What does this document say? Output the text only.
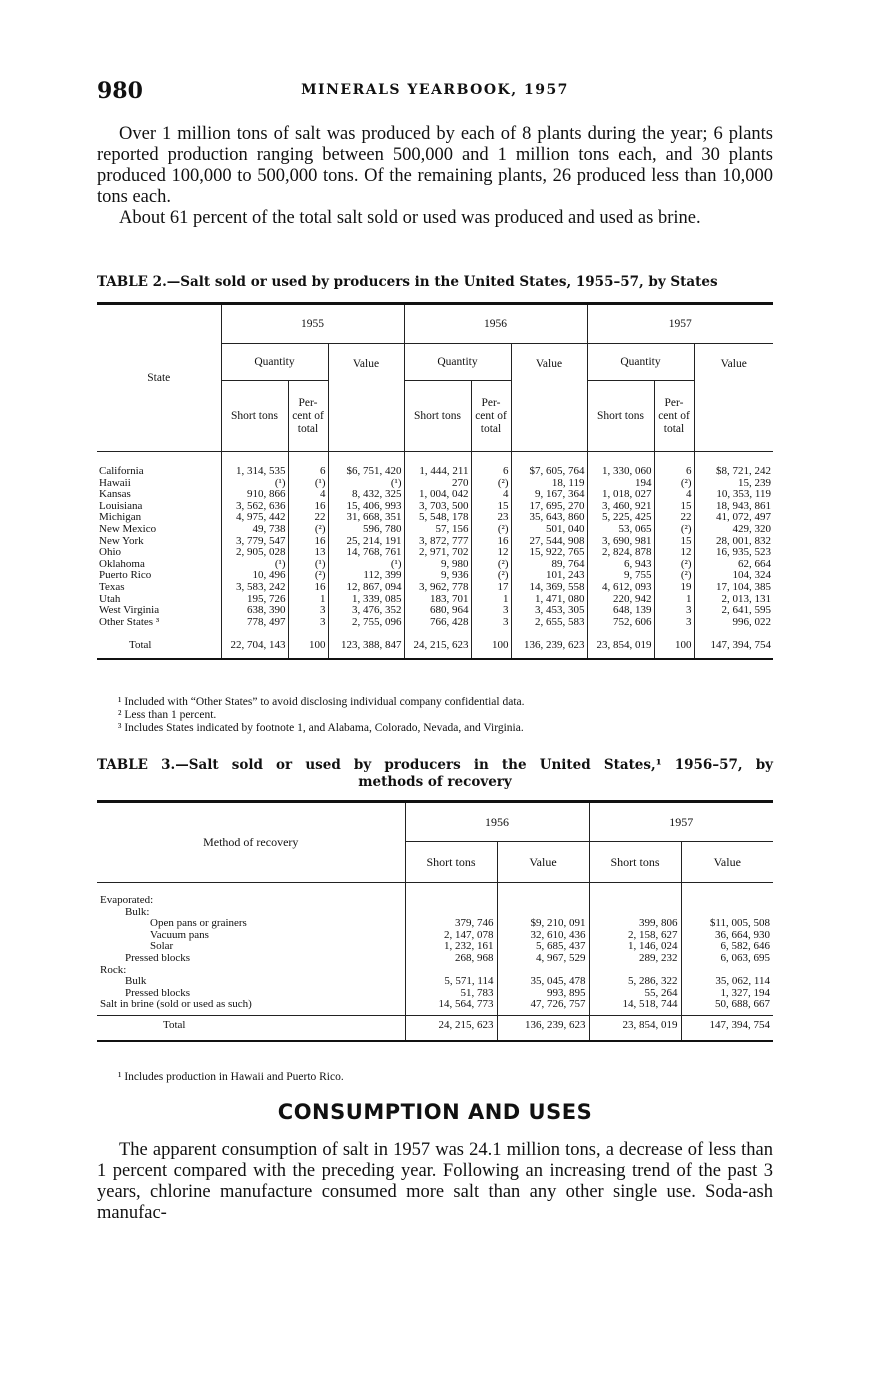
980	MINERALS YEARBOOK, 1957
Over 1 million tons of salt was produced by each of 8 plants during the year; 6 plants reported production ranging between 500,000 and 1 million tons each, and 30 plants produced 100,000 to 500,000 tons. Of the remaining plants, 26 produced less than 10,000 tons each.
About 61 percent of the total salt sold or used was produced and used as brine.
TABLE 2.—Salt sold or used by producers in the United States, 1955–57, by States
State	1955			1956			1957		
	Quantity		Value	Quantity		Value	Quantity		Value
	Short tons	Per- cent of total		Short tons	Per- cent of total		Short tons	Per- cent of total	

California	1, 314, 535	6	$6, 751, 420	1, 444, 211	6	$7, 605, 764	1, 330, 060	6	$8, 721, 242
Hawaii	(¹)	(¹)	(¹)	270	(²)	18, 119	194	(²)	15, 239
Kansas	910, 866	4	8, 432, 325	1, 004, 042	4	9, 167, 364	1, 018, 027	4	10, 353, 119
Louisiana	3, 562, 636	16	15, 406, 993	3, 703, 500	15	17, 695, 270	3, 460, 921	15	18, 943, 861
Michigan	4, 975, 442	22	31, 668, 351	5, 548, 178	23	35, 643, 860	5, 225, 425	22	41, 072, 497
New Mexico	49, 738	(²)	596, 780	57, 156	(²)	501, 040	53, 065	(²)	429, 320
New York	3, 779, 547	16	25, 214, 191	3, 872, 777	16	27, 544, 908	3, 690, 981	15	28, 001, 832
Ohio	2, 905, 028	13	14, 768, 761	2, 971, 702	12	15, 922, 765	2, 824, 878	12	16, 935, 523
Oklahoma	(¹)	(¹)	(¹)	9, 980	(²)	89, 764	6, 943	(²)	62, 664
Puerto Rico	10, 496	(²)	112, 399	9, 936	(²)	101, 243	9, 755	(²)	104, 324
Texas	3, 583, 242	16	12, 867, 094	3, 962, 778	17	14, 369, 558	4, 612, 093	19	17, 104, 385
Utah	195, 726	1	1, 339, 085	183, 701	1	1, 471, 080	220, 942	1	2, 013, 131
West Virginia	638, 390	3	3, 476, 352	680, 964	3	3, 453, 305	648, 139	3	2, 641, 595
Other States ³	778, 497	3	2, 755, 096	766, 428	3	2, 655, 583	752, 606	3	996, 022
Total	22, 704, 143	100	123, 388, 847	24, 215, 623	100	136, 239, 623	23, 854, 019	100	147, 394, 754
¹ Included with “Other States” to avoid disclosing individual company confidential data.
² Less than 1 percent.
³ Includes States indicated by footnote 1, and Alabama, Colorado, Nevada, and Virginia.
TABLE 3.—Salt sold or used by producers in the United States,¹ 1956–57, by
methods of recovery
Method of recovery	1956		1957	
	Short tons	Value	Short tons	Value

Evaporated:				
Bulk:				
Open pans or grainers	379, 746	$9, 210, 091	399, 806	$11, 005, 508
Vacuum pans	2, 147, 078	32, 610, 436	2, 158, 627	36, 664, 930
Solar	1, 232, 161	5, 685, 437	1, 146, 024	6, 582, 646
Pressed blocks	268, 968	4, 967, 529	289, 232	6, 063, 695
Rock:				
Bulk	5, 571, 114	35, 045, 478	5, 286, 322	35, 062, 114
Pressed blocks	51, 783	993, 895	55, 264	1, 327, 194
Salt in brine (sold or used as such)	14, 564, 773	47, 726, 757	14, 518, 744	50, 688, 667
Total	24, 215, 623	136, 239, 623	23, 854, 019	147, 394, 754
¹ Includes production in Hawaii and Puerto Rico.
CONSUMPTION AND USES
The apparent consumption of salt in 1957 was 24.1 million tons, a decrease of less than 1 percent compared with the preceding year. Following an increasing trend of the past 3 years, chlorine manufacture consumed more salt than any other single use. Soda-ash manufac-
